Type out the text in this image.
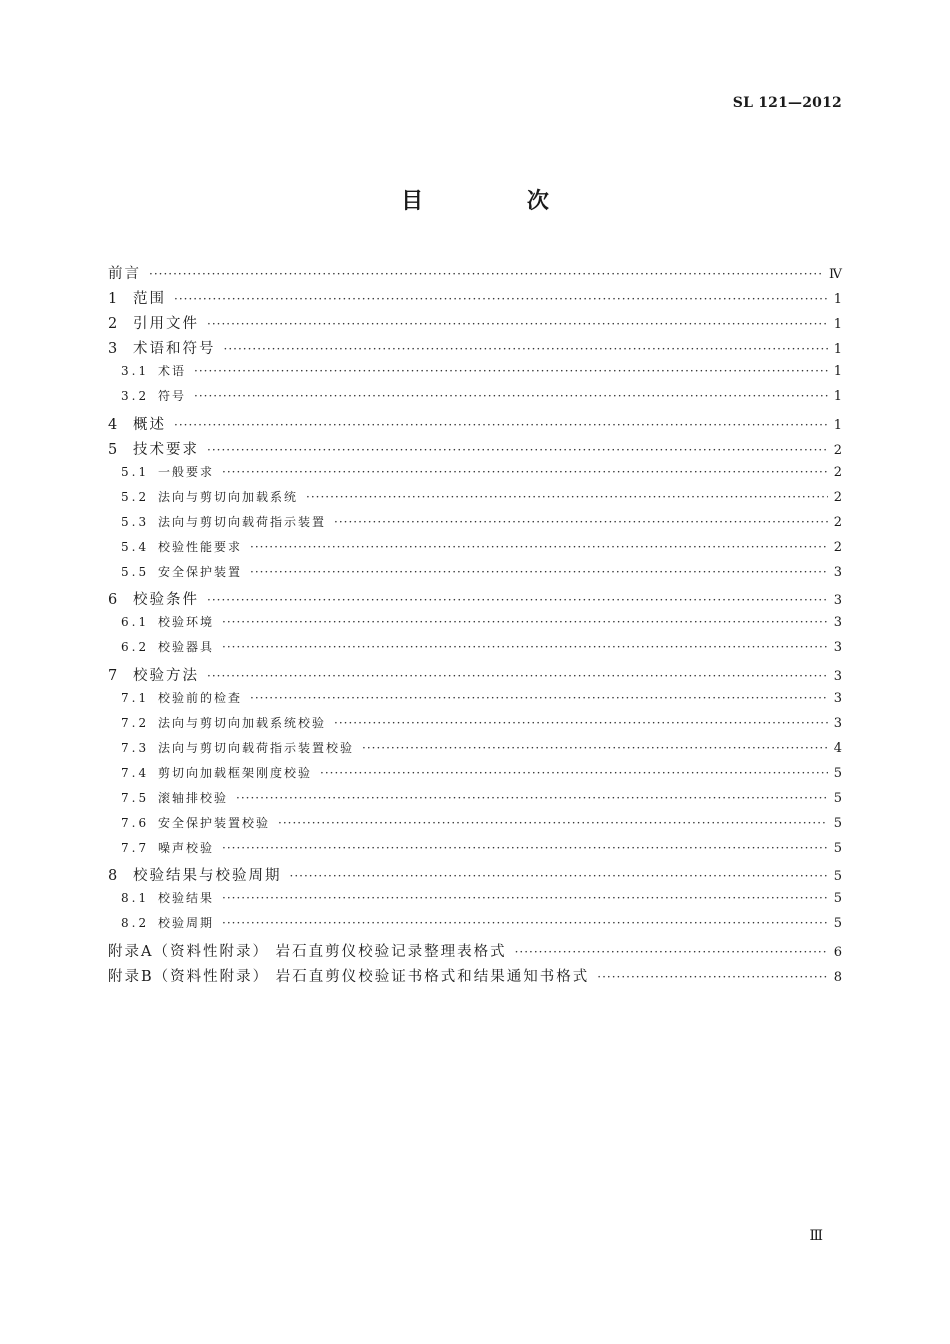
SL 121—2012
目 次
前言 ·····	Ⅳ
1 范围 ·····	1
2 引用文件 ·····	1
3 术语和符号 ·····	1
3.1 术语 ·····	1
3.2 符号 ·····	1
4 概述 ·····	1
5 技术要求 ·····	2
5.1 一般要求 ·····	2
5.2 法向与剪切向加载系统 ·····	2
5.3 法向与剪切向载荷指示装置 ·····	2
5.4 校验性能要求 ·····	2
5.5 安全保护装置 ·····	3
6 校验条件 ·····	3
6.1 校验环境 ·····	3
6.2 校验器具 ·····	3
7 校验方法 ·····	3
7.1 校验前的检查 ·····	3
7.2 法向与剪切向加载系统校验 ·····	3
7.3 法向与剪切向载荷指示装置校验 ·····	4
7.4 剪切向加载框架刚度校验 ·····	5
7.5 滚轴排校验 ·····	5
7.6 安全保护装置校验 ·····	5
7.7 噪声校验 ·····	5
8 校验结果与校验周期 ·····	5
8.1 校验结果 ·····	5
8.2 校验周期 ·····	5
附录A（资料性附录） 岩石直剪仪校验记录整理表格式 ·····	6
附录B（资料性附录） 岩石直剪仪校验证书格式和结果通知书格式 ·····	8
Ⅲ
